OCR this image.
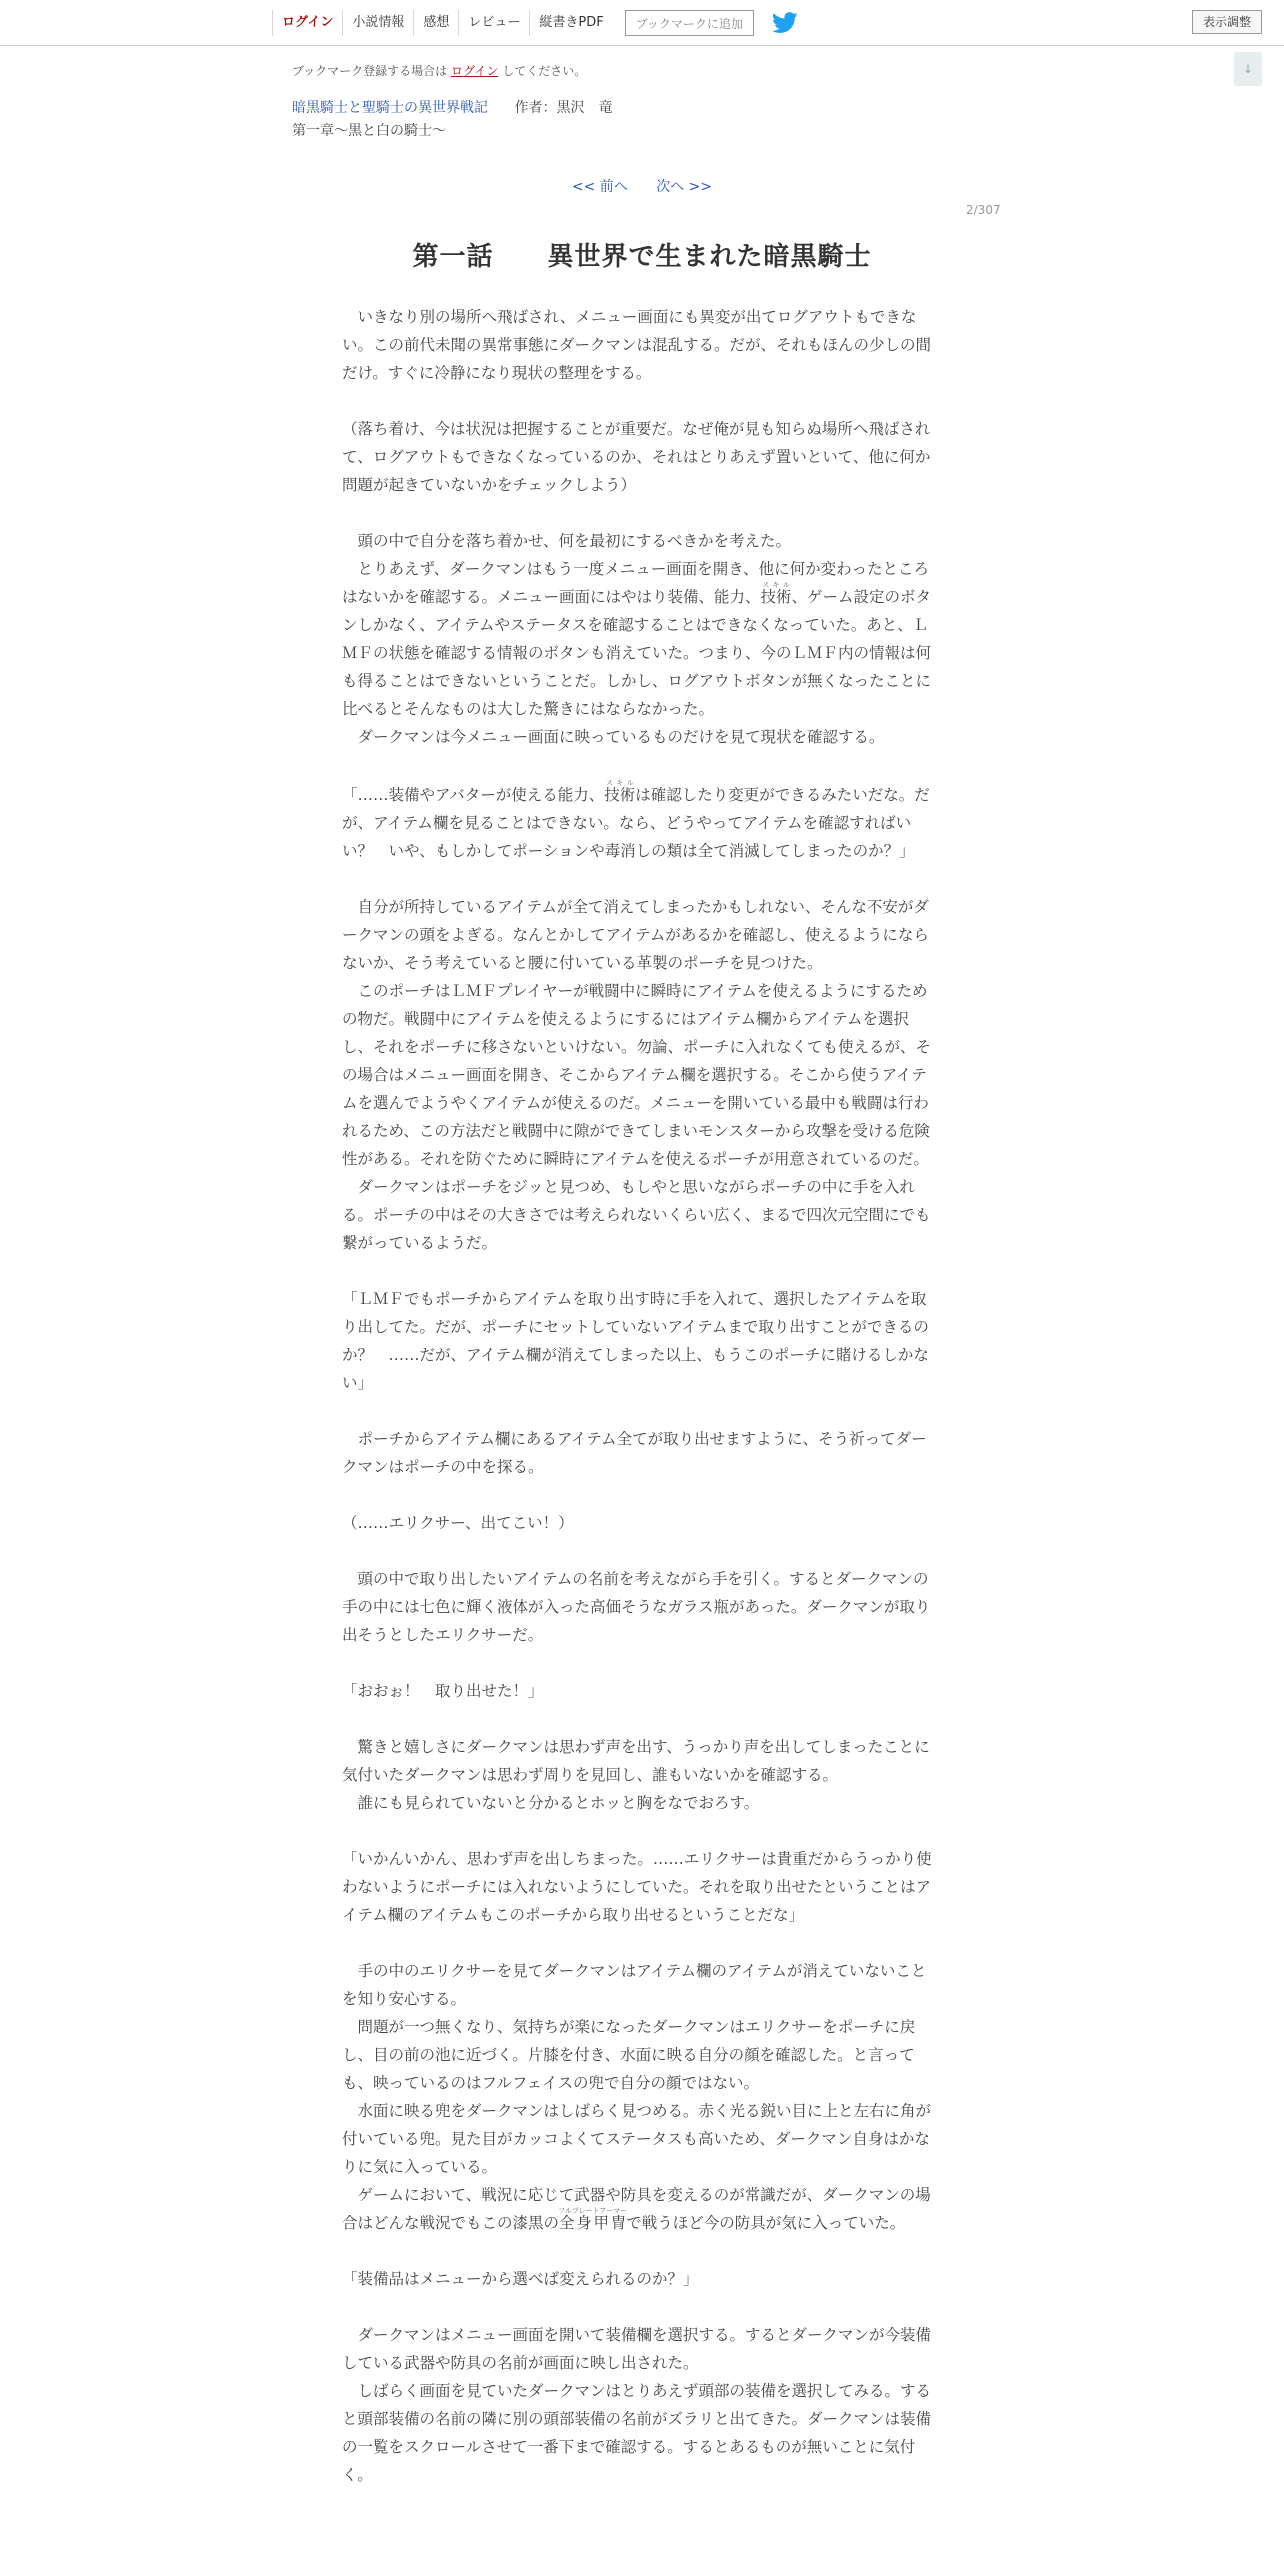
ログイン	小説情報	感想	レビュー	縦書きPDF	ブックマークに追加	表示調整
↓
ブックマーク登録する場合は ログイン してください。
暗黒騎士と聖騎士の異世界戦記 作者：黒沢　竜
第一章～黒と白の騎士～
<< 前へ 次へ >>
2/307
第一話　　異世界で生まれた暗黒騎士

　いきなり別の場所へ飛ばされ、メニュー画面にも異変が出てログアウトもできない。この前代未聞の異常事態にダークマンは混乱する。だが、それもほんの少しの間だけ。すぐに冷静になり現状の整理をする。

（落ち着け、今は状況は把握することが重要だ。なぜ俺が見も知らぬ場所へ飛ばされて、ログアウトもできなくなっているのか、それはとりあえず置いといて、他に何か問題が起きていないかをチェックしよう）

　頭の中で自分を落ち着かせ、何を最初にするべきかを考えた。

　とりあえず、ダークマンはもう一度メニュー画面を開き、他に何か変わったところはないかを確認する。メニュー画面にはやはり装備、能力、技術スキル、ゲーム設定のボタンしかなく、アイテムやステータスを確認することはできなくなっていた。あと、ＬＭＦの状態を確認する情報のボタンも消えていた。つまり、今のＬＭＦ内の情報は何も得ることはできないということだ。しかし、ログアウトボタンが無くなったことに比べるとそんなものは大した驚きにはならなかった。

　ダークマンは今メニュー画面に映っているものだけを見て現状を確認する。

「……装備やアバターが使える能力、技術スキルは確認したり変更ができるみたいだな。だが、アイテム欄を見ることはできない。なら、どうやってアイテムを確認すればいい？　いや、もしかしてポーションや毒消しの類は全て消滅してしまったのか？」

　自分が所持しているアイテムが全て消えてしまったかもしれない、そんな不安がダークマンの頭をよぎる。なんとかしてアイテムがあるかを確認し、使えるようにならないか、そう考えていると腰に付いている革製のポーチを見つけた。

　このポーチはＬＭＦプレイヤーが戦闘中に瞬時にアイテムを使えるようにするための物だ。戦闘中にアイテムを使えるようにするにはアイテム欄からアイテムを選択し、それをポーチに移さないといけない。勿論、ポーチに入れなくても使えるが、その場合はメニュー画面を開き、そこからアイテム欄を選択する。そこから使うアイテムを選んでようやくアイテムが使えるのだ。メニューを開いている最中も戦闘は行われるため、この方法だと戦闘中に隙ができてしまいモンスターから攻撃を受ける危険性がある。それを防ぐために瞬時にアイテムを使えるポーチが用意されているのだ。

　ダークマンはポーチをジッと見つめ、もしやと思いながらポーチの中に手を入れる。ポーチの中はその大きさでは考えられないくらい広く、まるで四次元空間にでも繋がっているようだ。

「ＬＭＦでもポーチからアイテムを取り出す時に手を入れて、選択したアイテムを取り出してた。だが、ポーチにセットしていないアイテムまで取り出すことができるのか？　……だが、アイテム欄が消えてしまった以上、もうこのポーチに賭けるしかない」

　ポーチからアイテム欄にあるアイテム全てが取り出せますように、そう祈ってダークマンはポーチの中を探る。

（……エリクサー、出てこい！）

　頭の中で取り出したいアイテムの名前を考えながら手を引く。するとダークマンの手の中には七色に輝く液体が入った高価そうなガラス瓶があった。ダークマンが取り出そうとしたエリクサーだ。

「おおぉ！　取り出せた！」

　驚きと嬉しさにダークマンは思わず声を出す、うっかり声を出してしまったことに気付いたダークマンは思わず周りを見回し、誰もいないかを確認する。

　誰にも見られていないと分かるとホッと胸をなでおろす。

「いかんいかん、思わず声を出しちまった。……エリクサーは貴重だからうっかり使わないようにポーチには入れないようにしていた。それを取り出せたということはアイテム欄のアイテムもこのポーチから取り出せるということだな」

　手の中のエリクサーを見てダークマンはアイテム欄のアイテムが消えていないことを知り安心する。

　問題が一つ無くなり、気持ちが楽になったダークマンはエリクサーをポーチに戻し、目の前の池に近づく。片膝を付き、水面に映る自分の顔を確認した。と言っても、映っているのはフルフェイスの兜で自分の顔ではない。

　水面に映る兜をダークマンはしばらく見つめる。赤く光る鋭い目に上と左右に角が付いている兜。見た目がカッコよくてステータスも高いため、ダークマン自身はかなりに気に入っている。

　ゲームにおいて、戦況に応じて武器や防具を変えるのが常識だが、ダークマンの場合はどんな戦況でもこの漆黒の全身甲冑フルプレートアーマーで戦うほど今の防具が気に入っていた。

「装備品はメニューから選べば変えられるのか？」

　ダークマンはメニュー画面を開いて装備欄を選択する。するとダークマンが今装備している武器や防具の名前が画面に映し出された。

　しばらく画面を見ていたダークマンはとりあえず頭部の装備を選択してみる。すると頭部装備の名前の隣に別の頭部装備の名前がズラリと出てきた。ダークマンは装備の一覧をスクロールさせて一番下まで確認する。するとあるものが無いことに気付く。
